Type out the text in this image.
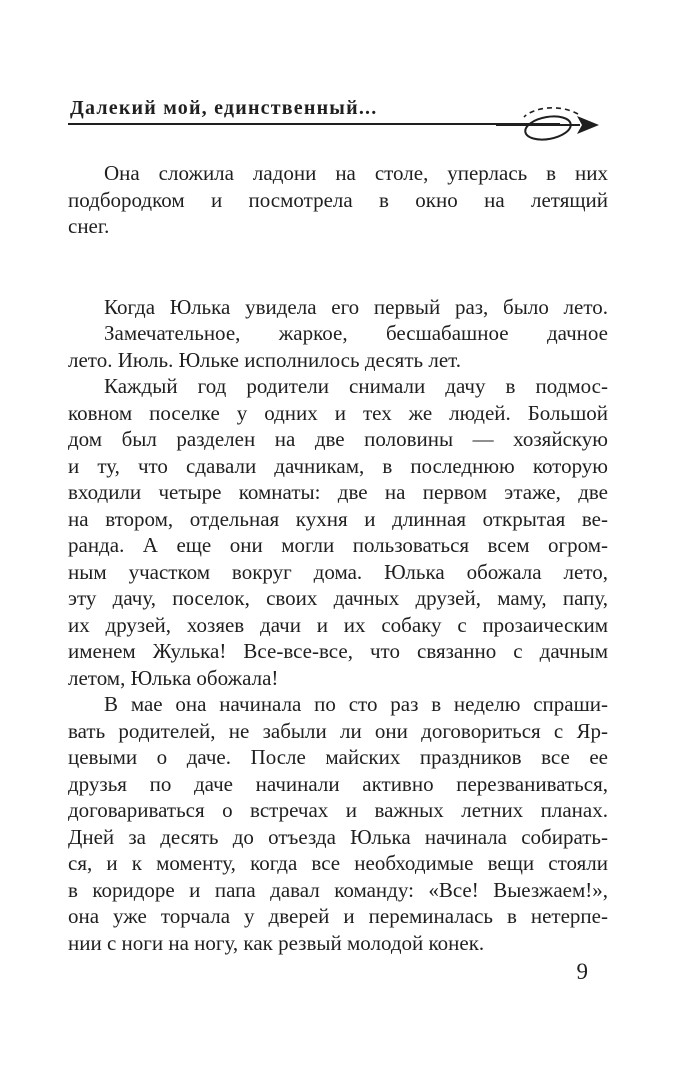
Далекий мой, единственный...
Она сложила ладони на столе, уперлась в них
подбородком и посмотрела в окно на летящий
снег.
Когда Юлька увидела его первый раз, было лето.
Замечательное, жаркое, бесшабашное дачное
лето. Июль. Юльке исполнилось десять лет.
Каждый год родители снимали дачу в подмос-
ковном поселке у одних и тех же людей. Большой
дом был разделен на две половины — хозяйскую
и ту, что сдавали дачникам, в последнюю которую
входили четыре комнаты: две на первом этаже, две
на втором, отдельная кухня и длинная открытая ве-
ранда. А еще они могли пользоваться всем огром-
ным участком вокруг дома. Юлька обожала лето,
эту дачу, поселок, своих дачных друзей, маму, папу,
их друзей, хозяев дачи и их собаку с прозаическим
именем Жулька! Все-все-все, что связанно с дачным
летом, Юлька обожала!
В мае она начинала по сто раз в неделю спраши-
вать родителей, не забыли ли они договориться с Яр-
цевыми о даче. После майских праздников все ее
друзья по даче начинали активно перезваниваться,
договариваться о встречах и важных летних планах.
Дней за десять до отъезда Юлька начинала собирать-
ся, и к моменту, когда все необходимые вещи стояли
в коридоре и папа давал команду: «Все! Выезжаем!»,
она уже торчала у дверей и переминалась в нетерпе-
нии с ноги на ногу, как резвый молодой конек.
9
